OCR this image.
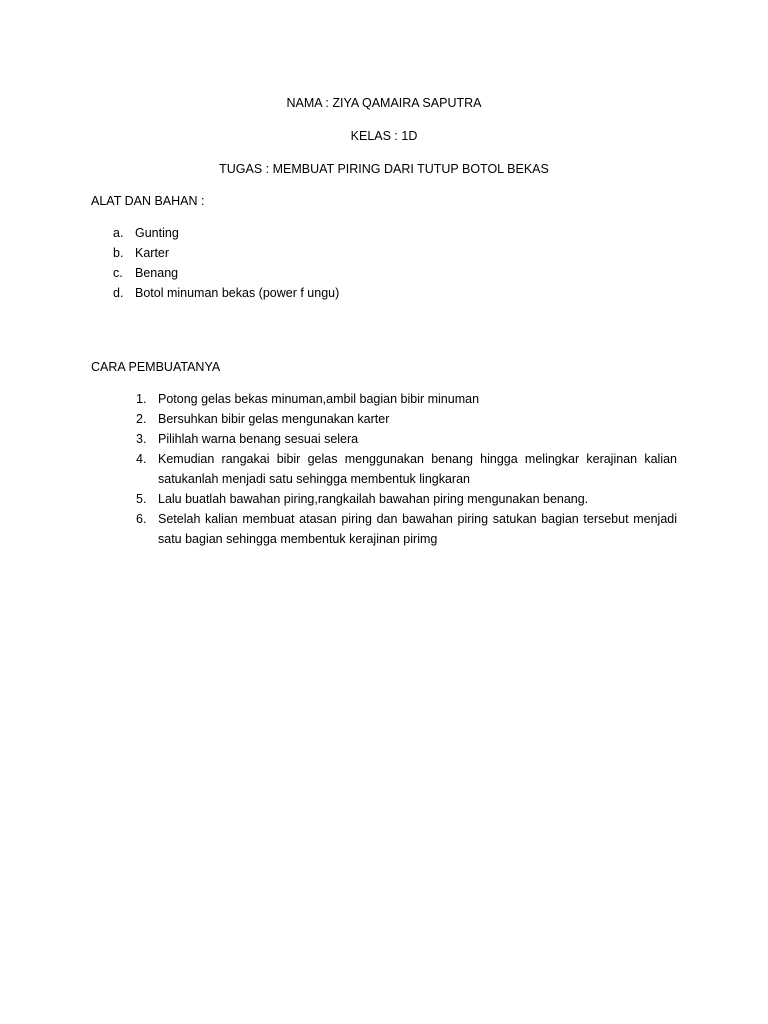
NAMA : ZIYA QAMAIRA SAPUTRA
KELAS : 1D
TUGAS : MEMBUAT PIRING DARI TUTUP BOTOL BEKAS
ALAT DAN BAHAN :
a. Gunting
b. Karter
c. Benang
d. Botol minuman bekas (power f ungu)
CARA PEMBUATANYA
1. Potong gelas bekas minuman,ambil bagian bibir minuman
2. Bersuhkan bibir gelas mengunakan karter
3. Pilihlah warna benang sesuai selera
4. Kemudian rangakai bibir gelas menggunakan benang hingga melingkar kerajinan kalian satukanlah menjadi satu sehingga membentuk lingkaran
5. Lalu buatlah bawahan piring,rangkailah bawahan piring mengunakan benang.
6. Setelah kalian membuat atasan piring dan bawahan piring satukan bagian tersebut menjadi satu bagian sehingga membentuk kerajinan pirimg
